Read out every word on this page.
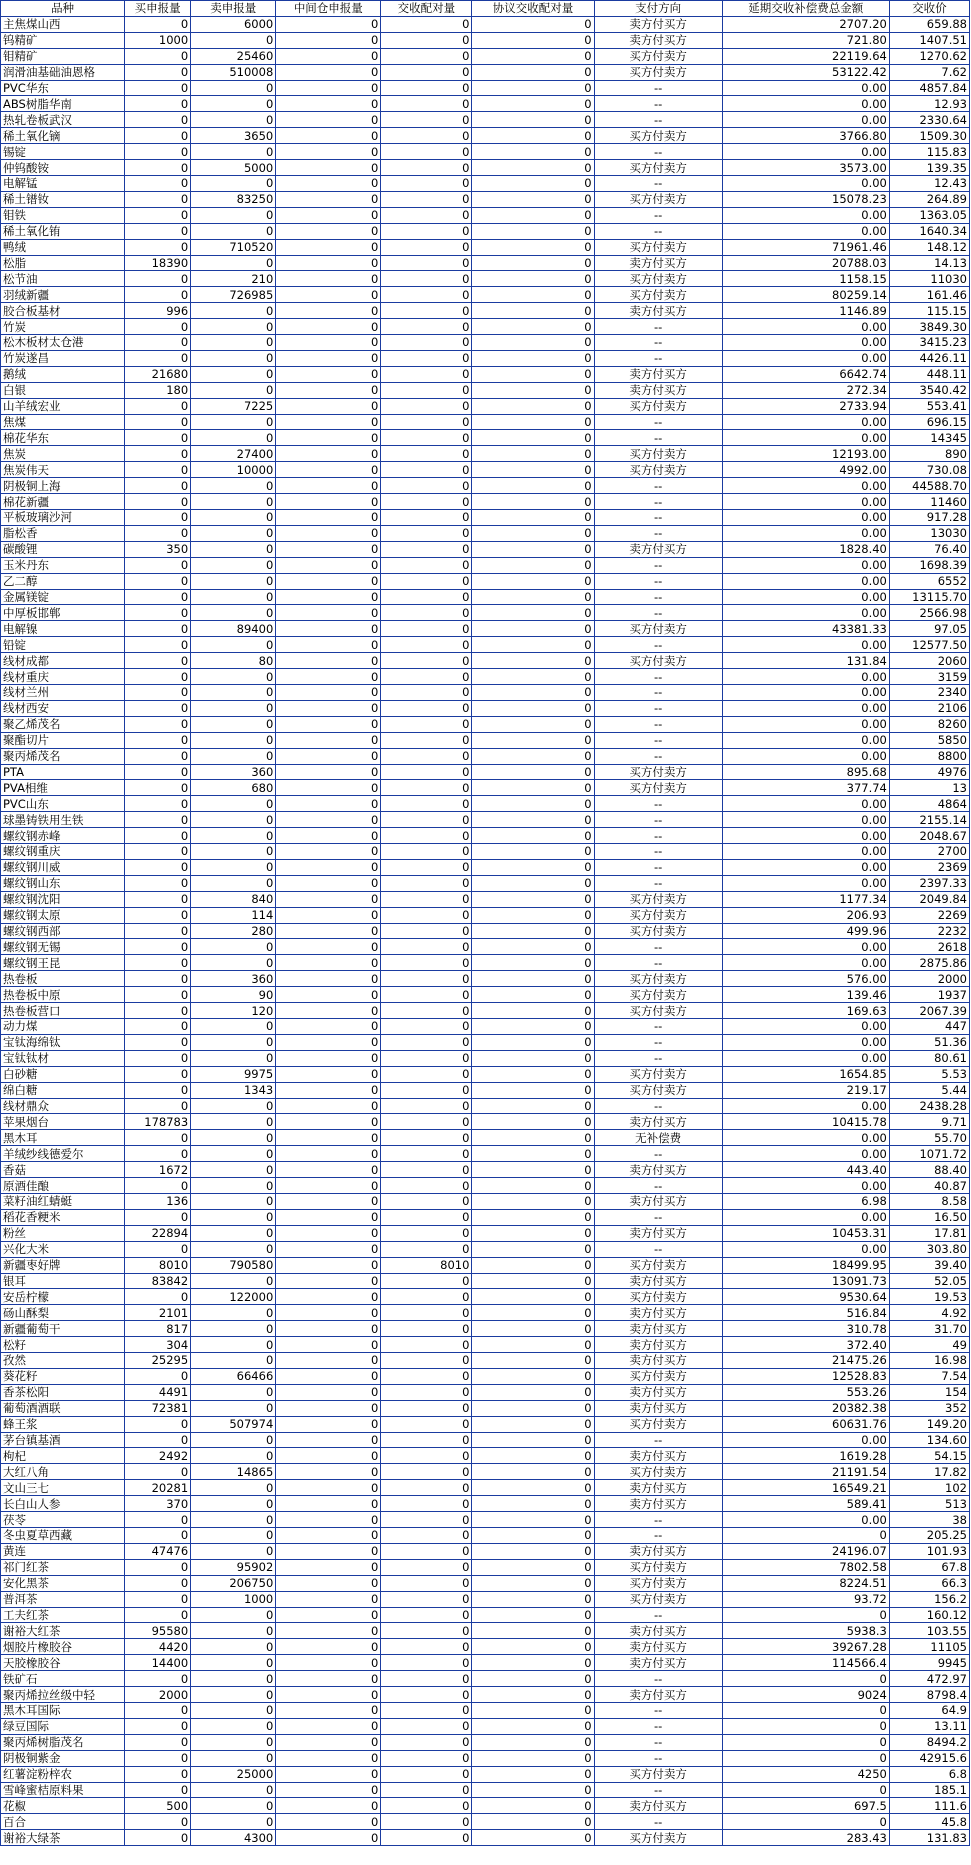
品种	买申报量	卖申报量	中间仓申报量	交收配对量	协议交收配对量	支付方向	延期交收补偿费总金额	交收价
主焦煤山西	0	6000	0	0	0	卖方付买方	2707.20	659.88
钨精矿	1000	0	0	0	0	卖方付买方	721.80	1407.51
钼精矿	0	25460	0	0	0	买方付卖方	22119.64	1270.62
润滑油基础油恩格	0	510008	0	0	0	买方付卖方	53122.42	7.62
PVC华东	0	0	0	0	0	--	0.00	4857.84
ABS树脂华南	0	0	0	0	0	--	0.00	12.93
热轧卷板武汉	0	0	0	0	0	--	0.00	2330.64
稀土氧化镝	0	3650	0	0	0	买方付卖方	3766.80	1509.30
锡锭	0	0	0	0	0	--	0.00	115.83
仲钨酸铵	0	5000	0	0	0	买方付卖方	3573.00	139.35
电解锰	0	0	0	0	0	--	0.00	12.43
稀土镨钕	0	83250	0	0	0	买方付卖方	15078.23	264.89
钼铁	0	0	0	0	0	--	0.00	1363.05
稀土氧化铕	0	0	0	0	0	--	0.00	1640.34
鸭绒	0	710520	0	0	0	买方付卖方	71961.46	148.12
松脂	18390	0	0	0	0	卖方付买方	20788.03	14.13
松节油	0	210	0	0	0	买方付卖方	1158.15	11030
羽绒新疆	0	726985	0	0	0	买方付卖方	80259.14	161.46
胶合板基材	996	0	0	0	0	卖方付买方	1146.89	115.15
竹炭	0	0	0	0	0	--	0.00	3849.30
松木板材太仓港	0	0	0	0	0	--	0.00	3415.23
竹炭遂昌	0	0	0	0	0	--	0.00	4426.11
鹅绒	21680	0	0	0	0	卖方付买方	6642.74	448.11
白银	180	0	0	0	0	卖方付买方	272.34	3540.42
山羊绒宏业	0	7225	0	0	0	买方付卖方	2733.94	553.41
焦煤	0	0	0	0	0	--	0.00	696.15
棉花华东	0	0	0	0	0	--	0.00	14345
焦炭	0	27400	0	0	0	买方付卖方	12193.00	890
焦炭伟天	0	10000	0	0	0	买方付卖方	4992.00	730.08
阴极铜上海	0	0	0	0	0	--	0.00	44588.70
棉花新疆	0	0	0	0	0	--	0.00	11460
平板玻璃沙河	0	0	0	0	0	--	0.00	917.28
脂松香	0	0	0	0	0	--	0.00	13030
碳酸锂	350	0	0	0	0	卖方付买方	1828.40	76.40
玉米丹东	0	0	0	0	0	--	0.00	1698.39
乙二醇	0	0	0	0	0	--	0.00	6552
金属镁锭	0	0	0	0	0	--	0.00	13115.70
中厚板邯郸	0	0	0	0	0	--	0.00	2566.98
电解镍	0	89400	0	0	0	买方付卖方	43381.33	97.05
铅锭	0	0	0	0	0	--	0.00	12577.50
线材成都	0	80	0	0	0	买方付卖方	131.84	2060
线材重庆	0	0	0	0	0	--	0.00	3159
线材兰州	0	0	0	0	0	--	0.00	2340
线材西安	0	0	0	0	0	--	0.00	2106
聚乙烯茂名	0	0	0	0	0	--	0.00	8260
聚酯切片	0	0	0	0	0	--	0.00	5850
聚丙烯茂名	0	0	0	0	0	--	0.00	8800
PTA	0	360	0	0	0	买方付卖方	895.68	4976
PVA相维	0	680	0	0	0	买方付卖方	377.74	13
PVC山东	0	0	0	0	0	--	0.00	4864
球墨铸铁用生铁	0	0	0	0	0	--	0.00	2155.14
螺纹钢赤峰	0	0	0	0	0	--	0.00	2048.67
螺纹钢重庆	0	0	0	0	0	--	0.00	2700
螺纹钢川威	0	0	0	0	0	--	0.00	2369
螺纹钢山东	0	0	0	0	0	--	0.00	2397.33
螺纹钢沈阳	0	840	0	0	0	买方付卖方	1177.34	2049.84
螺纹钢太原	0	114	0	0	0	买方付卖方	206.93	2269
螺纹钢西部	0	280	0	0	0	买方付卖方	499.96	2232
螺纹钢无锡	0	0	0	0	0	--	0.00	2618
螺纹钢王昆	0	0	0	0	0	--	0.00	2875.86
热卷板	0	360	0	0	0	买方付卖方	576.00	2000
热卷板中原	0	90	0	0	0	买方付卖方	139.46	1937
热卷板营口	0	120	0	0	0	买方付卖方	169.63	2067.39
动力煤	0	0	0	0	0	--	0.00	447
宝钛海绵钛	0	0	0	0	0	--	0.00	51.36
宝钛钛材	0	0	0	0	0	--	0.00	80.61
白砂糖	0	9975	0	0	0	买方付卖方	1654.85	5.53
绵白糖	0	1343	0	0	0	买方付卖方	219.17	5.44
线材鼎众	0	0	0	0	0	--	0.00	2438.28
苹果烟台	178783	0	0	0	0	卖方付买方	10415.78	9.71
黑木耳	0	0	0	0	0	无补偿费	0.00	55.70
羊绒纱线德爱尔	0	0	0	0	0	--	0.00	1071.72
香菇	1672	0	0	0	0	卖方付买方	443.40	88.40
原酒佳酿	0	0	0	0	0	--	0.00	40.87
菜籽油红蜻蜓	136	0	0	0	0	卖方付买方	6.98	8.58
稻花香粳米	0	0	0	0	0	--	0.00	16.50
粉丝	22894	0	0	0	0	卖方付买方	10453.31	17.81
兴化大米	0	0	0	0	0	--	0.00	303.80
新疆枣好牌	8010	790580	0	8010	0	买方付卖方	18499.95	39.40
银耳	83842	0	0	0	0	卖方付买方	13091.73	52.05
安岳柠檬	0	122000	0	0	0	买方付卖方	9530.64	19.53
砀山酥梨	2101	0	0	0	0	卖方付买方	516.84	4.92
新疆葡萄干	817	0	0	0	0	卖方付买方	310.78	31.70
松籽	304	0	0	0	0	卖方付买方	372.40	49
孜然	25295	0	0	0	0	卖方付买方	21475.26	16.98
葵花籽	0	66466	0	0	0	买方付卖方	12528.83	7.54
香茶松阳	4491	0	0	0	0	卖方付买方	553.26	154
葡萄酒酒联	72381	0	0	0	0	卖方付买方	20382.38	352
蜂王浆	0	507974	0	0	0	买方付卖方	60631.76	149.20
茅台镇基酒	0	0	0	0	0	--	0.00	134.60
枸杞	2492	0	0	0	0	卖方付买方	1619.28	54.15
大红八角	0	14865	0	0	0	买方付卖方	21191.54	17.82
文山三七	20281	0	0	0	0	卖方付买方	16549.21	102
长白山人参	370	0	0	0	0	卖方付买方	589.41	513
茯苓	0	0	0	0	0	--	0.00	38
冬虫夏草西藏	0	0	0	0	0	--	0	205.25
黄连	47476	0	0	0	0	卖方付买方	24196.07	101.93
祁门红茶	0	95902	0	0	0	买方付卖方	7802.58	67.8
安化黑茶	0	206750	0	0	0	买方付卖方	8224.51	66.3
普洱茶	0	1000	0	0	0	买方付卖方	93.72	156.2
工夫红茶	0	0	0	0	0	--	0	160.12
谢裕大红茶	95580	0	0	0	0	卖方付买方	5938.3	103.55
烟胶片橡胶谷	4420	0	0	0	0	卖方付买方	39267.28	11105
天胶橡胶谷	14400	0	0	0	0	卖方付买方	114566.4	9945
铁矿石	0	0	0	0	0	--	0	472.97
聚丙烯拉丝级中轻	2000	0	0	0	0	卖方付买方	9024	8798.4
黑木耳国际	0	0	0	0	0	--	0	64.9
绿豆国际	0	0	0	0	0	--	0	13.11
聚丙烯树脂茂名	0	0	0	0	0	--	0	8494.2
阴极铜紫金	0	0	0	0	0	--	0	42915.6
红薯淀粉梓农	0	25000	0	0	0	买方付卖方	4250	6.8
雪峰蜜桔原料果	0	0	0	0	0	--	0	185.1
花椒	500	0	0	0	0	卖方付买方	697.5	111.6
百合	0	0	0	0	0	--	0	45.8
谢裕大绿茶	0	4300	0	0	0	买方付卖方	283.43	131.83
